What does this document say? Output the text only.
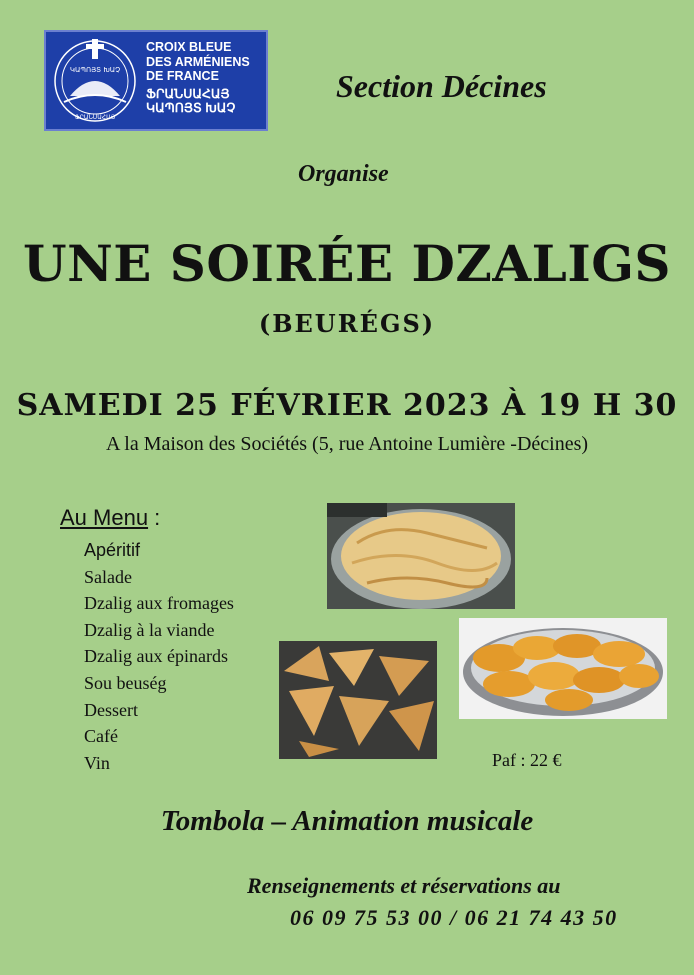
ԿԱՊՈՅՏ ԽԱՉ
ՖՐԱՆՍԱՀԱՅ
CROIX BLEUE
DES ARMÉNIENS
DE FRANCE
ՖՐԱՆՍԱՀԱՅ
ԿԱՊՈՅՏ ԽԱՉ
Section Décines
Organise
UNE SOIRÉE DZALIGS
(BEURÉGS)
SAMEDI 25 FÉVRIER 2023 À 19 H 30
A la Maison des Sociétés (5, rue Antoine Lumière -Décines)
Au Menu :
Apéritif
Salade
Dzalig aux fromages
Dzalig à la viande
Dzalig aux épinards
Sou beuség
Dessert
Café
Vin	Paf : 22 €
Tombola – Animation musicale
Renseignements et réservations au
06 09 75 53 00 / 06 21 74 43 50
